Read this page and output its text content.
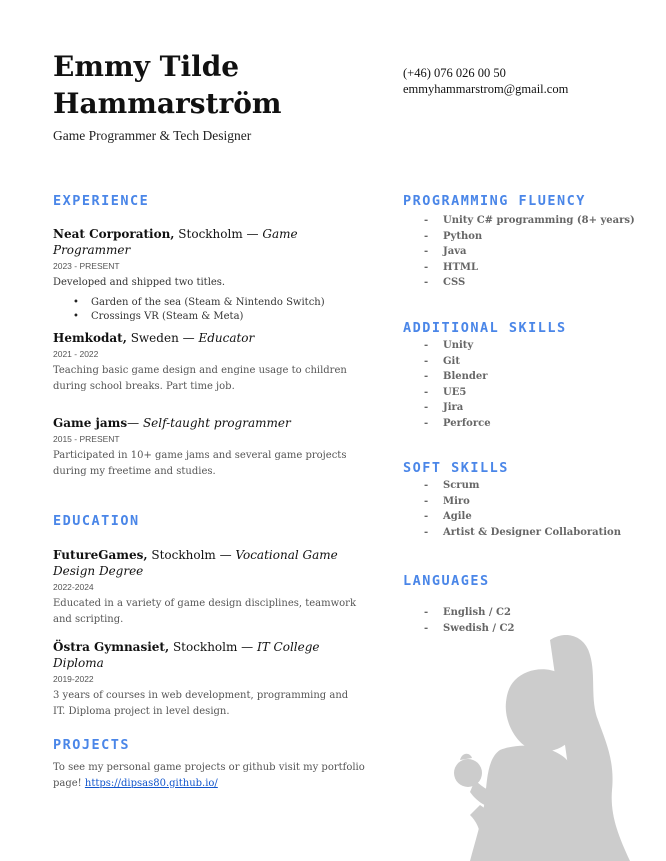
Emmy Tilde Hammarström
Game Programmer & Tech Designer
(+46) 076 026 00 50
emmyhammarstrom@gmail.com
EXPERIENCE
Neat Corporation, Stockholm — Game Programmer
2023 - PRESENT
Developed and shipped two titles.
• Garden of the sea (Steam & Nintendo Switch)
• Crossings VR (Steam & Meta)
Hemkodat, Sweden — Educator
2021 - 2022
Teaching basic game design and engine usage to children during school breaks. Part time job.
Game jams— Self-taught programmer
2015 - PRESENT
Participated in 10+ game jams and several game projects during my freetime and studies.
EDUCATION
FutureGames, Stockholm — Vocational Game Design Degree
2022-2024
Educated in a variety of game design disciplines, teamwork and scripting.
Östra Gymnasiet, Stockholm — IT College Diploma
2019-2022
3 years of courses in web development, programming and IT. Diploma project in level design.
PROJECTS
To see my personal game projects or github visit my portfolio page! https://dipsas80.github.io/
PROGRAMMING FLUENCY
- Unity C# programming (8+ years)
- Python
- Java
- HTML
- CSS
ADDITIONAL SKILLS
- Unity
- Git
- Blender
- UE5
- Jira
- Perforce
SOFT SKILLS
- Scrum
- Miro
- Agile
- Artist & Designer Collaboration
LANGUAGES
- English / C2
- Swedish / C2
